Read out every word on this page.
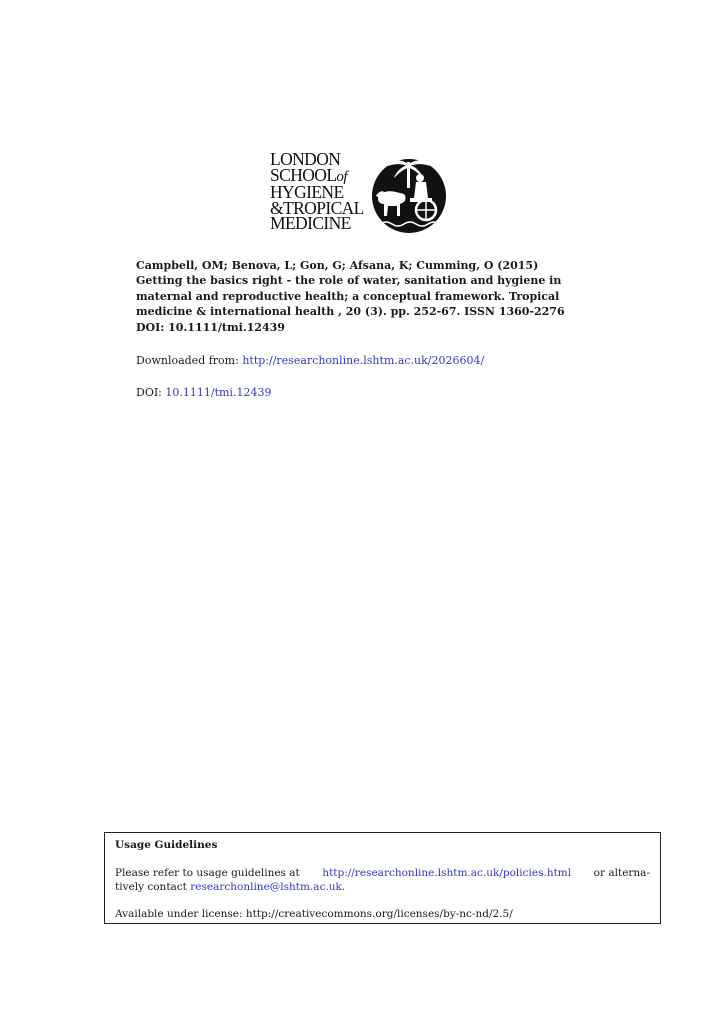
LONDON
SCHOOLof
HYGIENE
&TROPICAL
MEDICINE
Campbell, OM; Benova, L; Gon, G; Afsana, K; Cumming, O (2015)
Getting the basics right - the role of water, sanitation and hygiene in
maternal and reproductive health; a conceptual framework. Tropical
medicine & international health , 20 (3). pp. 252-67. ISSN 1360-2276
DOI: 10.1111/tmi.12439
Downloaded from: http://researchonline.lshtm.ac.uk/2026604/
DOI: 10.1111/tmi.12439
Usage Guidelines
Please refer to usage guidelines at http://researchonline.lshtm.ac.uk/policies.html or alterna-
tively contact researchonline@lshtm.ac.uk.
Available under license: http://creativecommons.org/licenses/by-nc-nd/2.5/
